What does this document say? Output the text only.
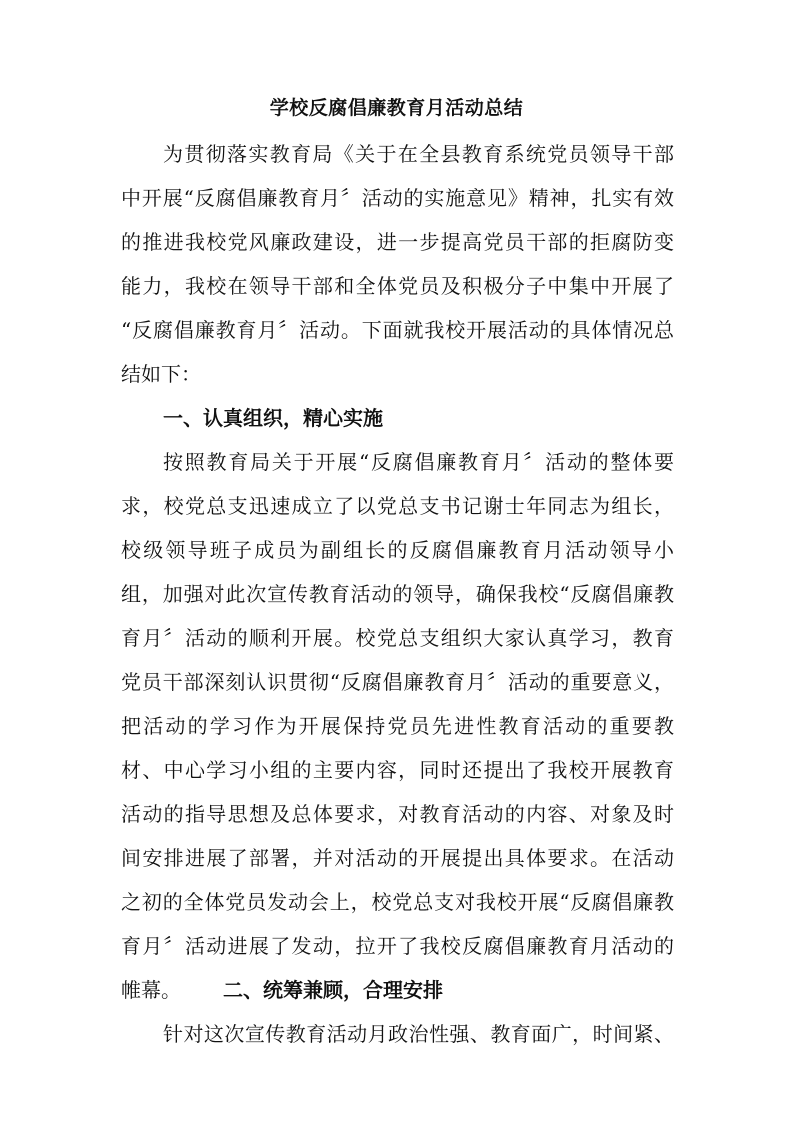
学校反腐倡廉教育月活动总结
为贯彻落实教育局《关于在全县教育系统党员领导干部
中开展“反腐倡廉教育月〞活动的实施意见》精神，扎实有效
的推进我校党风廉政建设，进一步提高党员干部的拒腐防变
能力，我校在领导干部和全体党员及积极分子中集中开展了
“反腐倡廉教育月〞活动。下面就我校开展活动的具体情况总
结如下：
一、认真组织，精心实施
按照教育局关于开展“反腐倡廉教育月〞活动的整体要
求，校党总支迅速成立了以党总支书记谢士年同志为组长，
校级领导班子成员为副组长的反腐倡廉教育月活动领导小
组，加强对此次宣传教育活动的领导，确保我校“反腐倡廉教
育月〞活动的顺利开展。校党总支组织大家认真学习，教育
党员干部深刻认识贯彻“反腐倡廉教育月〞活动的重要意义，
把活动的学习作为开展保持党员先进性教育活动的重要教
材、中心学习小组的主要内容，同时还提出了我校开展教育
活动的指导思想及总体要求，对教育活动的内容、对象及时
间安排进展了部署，并对活动的开展提出具体要求。在活动
之初的全体党员发动会上，校党总支对我校开展“反腐倡廉教
育月〞活动进展了发动，拉开了我校反腐倡廉教育月活动的
帷幕。 二、统筹兼顾，合理安排
针对这次宣传教育活动月政治性强、教育面广，时间紧、
